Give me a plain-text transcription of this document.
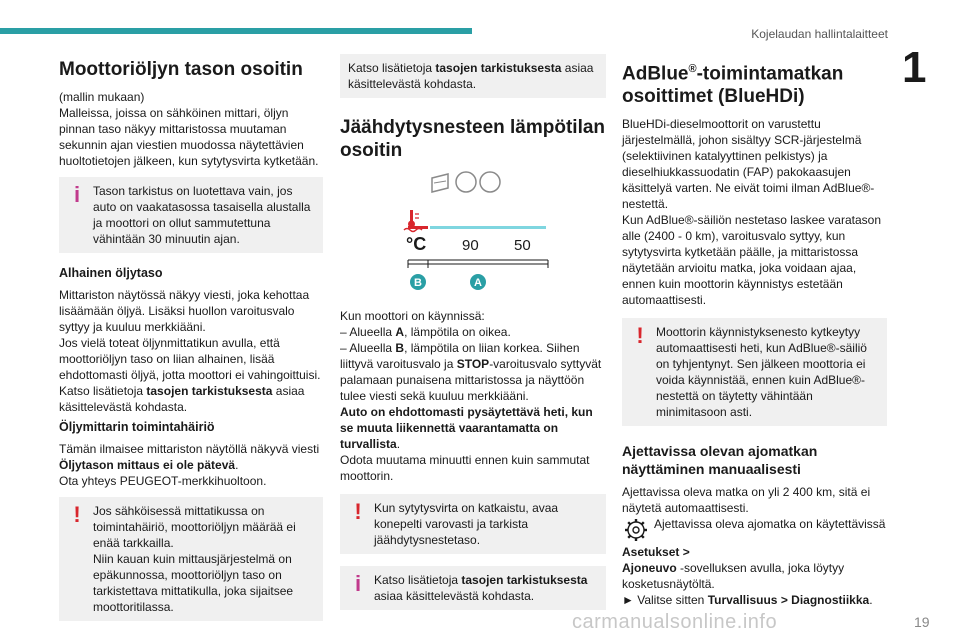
Kojelaudan hallintalaitteet
1
Moottoriöljyn tason osoitin

(mallin mukaan)

Malleissa, joissa on sähköinen mittari, öljyn pinnan taso näkyy mittaristossa muutaman sekunnin ajan viestien muodossa näytettävien huoltotietojen jälkeen, kun sytytysvirta kytketään.

i	Tason tarkistus on luotettava vain, jos auto on vaakatasossa tasaisella alustalla ja moottori on ollut sammutettuna vähintään 30 minuutin ajan.
Alhainen öljytaso

Mittariston näytössä näkyy viesti, joka kehottaa lisäämään öljyä. Lisäksi huollon varoitusvalo syttyy ja kuuluu merkkiääni.
Jos vielä toteat öljynmittatikun avulla, että moottoriöljyn taso on liian alhainen, lisää ehdottomasti öljyä, jotta moottori ei vahingoittuisi.

Katso lisätietoja tasojen tarkistuksesta asiaa käsittelevästä kohdasta.

Öljymittarin toimintahäiriö

Tämän ilmaisee mittariston näytöllä näkyvä viesti
Öljytason mittaus ei ole pätevä.
Ota yhteys PEUGEOT-merkkihuoltoon.

!	Jos sähköisessä mittatikussa on toimintahäiriö, moottoriöljyn määrää ei enää tarkkailla.
Niin kauan kuin mittausjärjestelmä on epäkunnossa, moottoriöljyn taso on tarkistettava mittatikulla, joka sijaitsee moottoritilassa.
Katso lisätietoja tasojen tarkistuksesta asiaa käsittelevästä kohdasta.
Jäähdytysnesteen lämpötilan osoitin
°C 90 50
B	A

Kun moottori on käynnissä:

– Alueella A, lämpötila on oikea.

– Alueella B, lämpötila on liian korkea. Siihen liittyvä varoitusvalo ja STOP-varoitusvalo syttyvät palamaan punaisena mittaristossa ja näyttöön tulee viesti sekä kuuluu merkkiääni.

Auto on ehdottomasti pysäytettävä heti, kun se muuta liikennettä vaarantamatta on turvallista.

Odota muutama minuutti ennen kuin sammutat moottorin.

!	Kun sytytysvirta on katkaistu, avaa konepelti varovasti ja tarkista jäähdytysnestetaso.
i	Katso lisätietoja tasojen tarkistuksesta asiaa käsittelevästä kohdasta.
AdBlue®-toimintamatkan osoittimet (BlueHDi)

BlueHDi-dieselmoottorit on varustettu järjestelmällä, johon sisältyy SCR-järjestelmä (selektiivinen katalyyttinen pelkistys) ja dieselhiukkassuodatin (FAP) pakokaasujen käsittelyä varten. Ne eivät toimi ilman AdBlue®-nestettä.
Kun AdBlue®-säiliön nestetaso laskee varatason alle (2400 - 0 km), varoitusvalo syttyy, kun sytytysvirta kytketään päälle, ja mittaristossa näytetään arvioitu matka, joka voidaan ajaa, ennen kuin moottorin käynnistys estetään automaattisesti.

!	Moottorin käynnistyksenesto kytkeytyy automaattisesti heti, kun AdBlue®-säiliö on tyhjentynyt. Sen jälkeen moottoria ei voida käynnistää, ennen kuin AdBlue®-nestettä on täytetty vähintään minimitasoon asti.
Ajettavissa olevan ajomatkan näyttäminen manuaalisesti

Ajettavissa oleva matka on yli 2 400 km, sitä ei näytetä automaattisesti.

Ajettavissa oleva ajomatka on käytettävissä Asetukset >
Ajoneuvo -sovelluksen avulla, joka löytyy kosketusnäytöltä.

► Valitse sitten Turvallisuus > Diagnostiikka.

carmanualsonline.info	19
